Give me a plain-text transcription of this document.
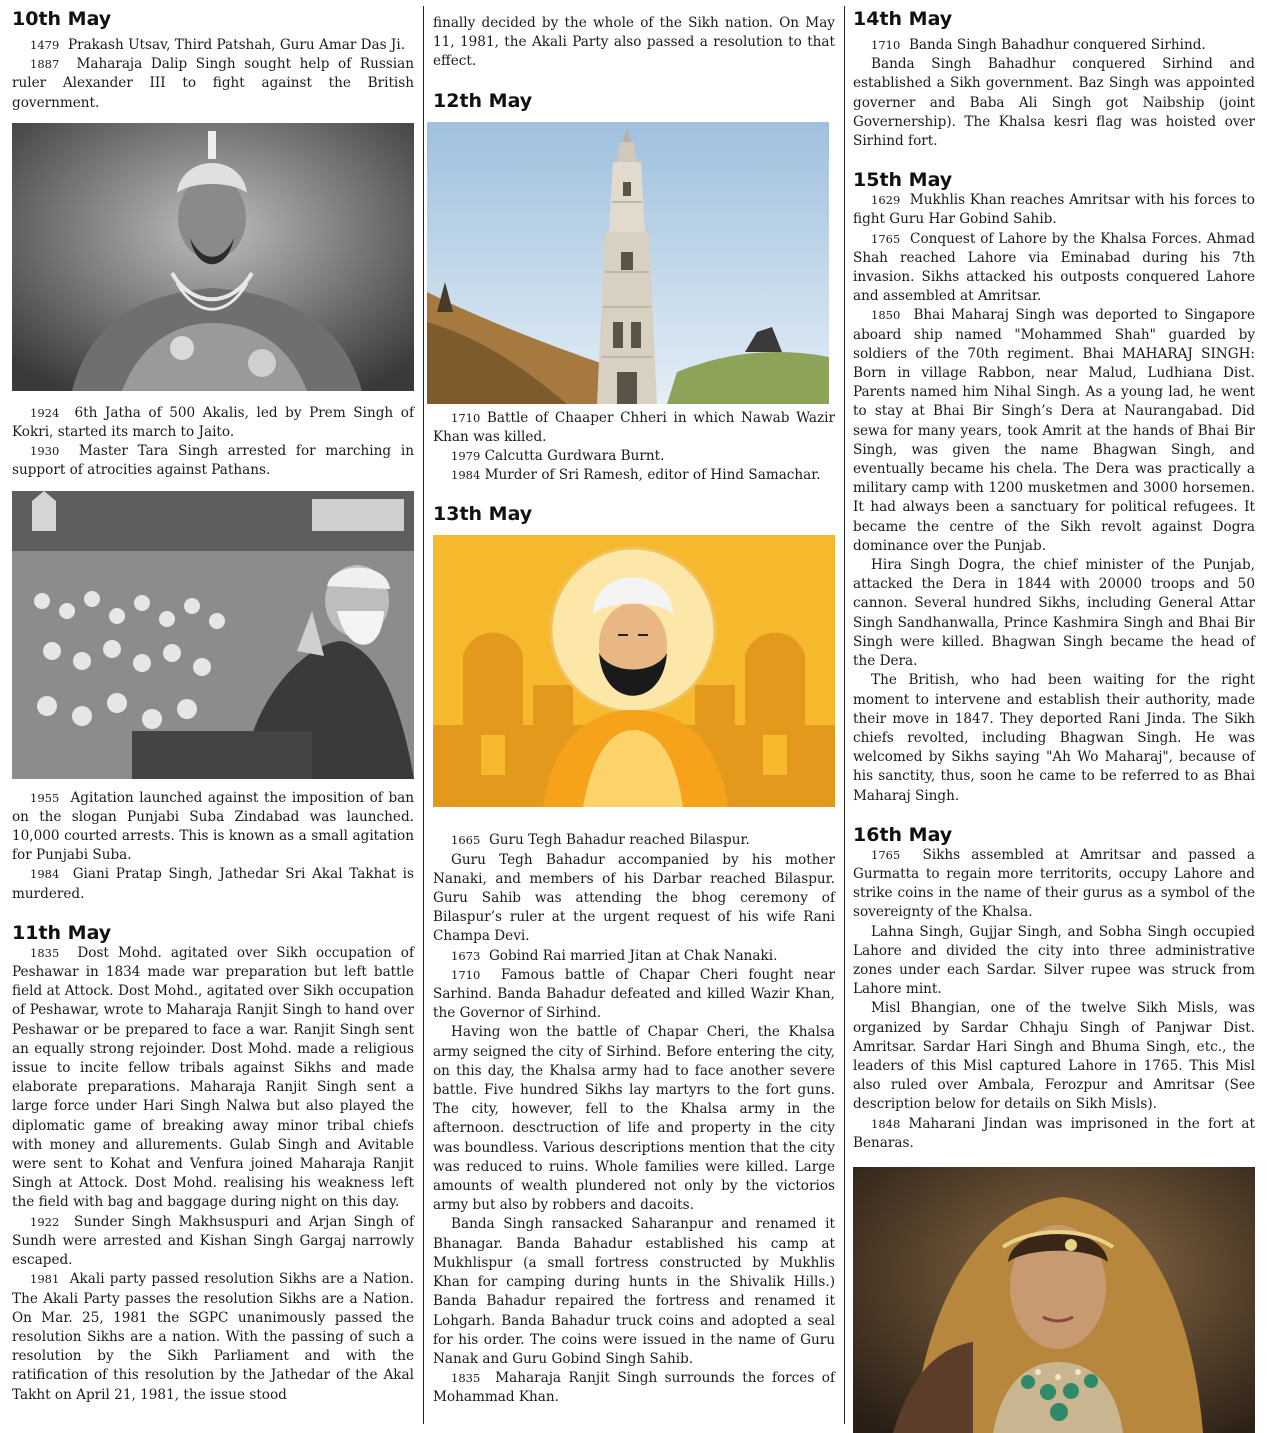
10th May

1479 Prakash Utsav, Third Patshah, Guru Amar Das Ji.

1887 Maharaja Dalip Singh sought help of Russian ruler Alexander III to fight against the British government.

1924 6th Jatha of 500 Akalis, led by Prem Singh of Kokri, started its march to Jaito.

1930 Master Tara Singh arrested for marching in support of atrocities against Pathans.

1955 Agitation launched against the imposition of ban on the slogan Punjabi Suba Zindabad was launched. 10,000 courted arrests. This is known as a small agitation for Punjabi Suba.

1984 Giani Pratap Singh, Jathedar Sri Akal Takhat is murdered.

11th May

1835 Dost Mohd. agitated over Sikh occupation of Peshawar in 1834 made war preparation but left battle field at Attock. Dost Mohd., agitated over Sikh occupation of Peshawar, wrote to Maharaja Ranjit Singh to hand over Peshawar or be prepared to face a war. Ranjit Singh sent an equally strong rejoinder. Dost Mohd. made a religious issue to incite fellow tribals against Sikhs and made elaborate preparations. Maharaja Ranjit Singh sent a large force under Hari Singh Nalwa but also played the diplomatic game of breaking away minor tribal chiefs with money and allurements. Gulab Singh and Avitable were sent to Kohat and Venfura joined Maharaja Ranjit Singh at Attock. Dost Mohd. realising his weakness left the field with bag and baggage during night on this day.

1922 Sunder Singh Makhsuspuri and Arjan Singh of Sundh were arrested and Kishan Singh Gargaj narrowly escaped.

1981 Akali party passed resolution Sikhs are a Nation. The Akali Party passes the resolution Sikhs are a Nation. On Mar. 25, 1981 the SGPC unanimously passed the resolution Sikhs are a nation. With the passing of such a resolution by the Sikh Parliament and with the ratification of this resolution by the Jathedar of the Akal Takht on April 21, 1981, the issue stood

finally decided by the whole of the Sikh nation. On May 11, 1981, the Akali Party also passed a resolution to that effect.

12th May

1710 Battle of Chaaper Chheri in which Nawab Wazir Khan was killed.

1979 Calcutta Gurdwara Burnt.

1984 Murder of Sri Ramesh, editor of Hind Samachar.

13th May

1665 Guru Tegh Bahadur reached Bilaspur.

Guru Tegh Bahadur accompanied by his mother Nanaki, and members of his Darbar reached Bilaspur. Guru Sahib was attending the bhog ceremony of Bilaspur’s ruler at the urgent request of his wife Rani Champa Devi.

1673 Gobind Rai married Jitan at Chak Nanaki.

1710 Famous battle of Chapar Cheri fought near Sarhind. Banda Bahadur defeated and killed Wazir Khan, the Governor of Sirhind.

Having won the battle of Chapar Cheri, the Khalsa army seigned the city of Sirhind. Before entering the city, on this day, the Khalsa army had to face another severe battle. Five hundred Sikhs lay martyrs to the fort guns. The city, however, fell to the Khalsa army in the afternoon. desctruction of life and property in the city was boundless. Various descriptions mention that the city was reduced to ruins. Whole families were killed. Large amounts of wealth plundered not only by the victorios army but also by robbers and dacoits.

Banda Singh ransacked Saharanpur and renamed it Bhanagar. Banda Bahadur established his camp at Mukhlispur (a small fortress constructed by Mukhlis Khan for camping during hunts in the Shivalik Hills.) Banda Bahadur repaired the fortress and renamed it Lohgarh. Banda Bahadur truck coins and adopted a seal for his order. The coins were issued in the name of Guru Nanak and Guru Gobind Singh Sahib.

1835 Maharaja Ranjit Singh surrounds the forces of Mohammad Khan.

14th May

1710 Banda Singh Bahadhur conquered Sirhind.

Banda Singh Bahadhur conquered Sirhind and established a Sikh government. Baz Singh was appointed governer and Baba Ali Singh got Naibship (joint Governership). The Khalsa kesri flag was hoisted over Sirhind fort.

15th May

1629 Mukhlis Khan reaches Amritsar with his forces to fight Guru Har Gobind Sahib.

1765 Conquest of Lahore by the Khalsa Forces. Ahmad Shah reached Lahore via Eminabad during his 7th invasion. Sikhs attacked his outposts conquered Lahore and assembled at Amritsar.

1850 Bhai Maharaj Singh was deported to Singapore aboard ship named "Mohammed Shah" guarded by soldiers of the 70th regiment. Bhai MAHARAJ SINGH: Born in village Rabbon, near Malud, Ludhiana Dist. Parents named him Nihal Singh. As a young lad, he went to stay at Bhai Bir Singh’s Dera at Naurangabad. Did sewa for many years, took Amrit at the hands of Bhai Bir Singh, was given the name Bhagwan Singh, and eventually became his chela. The Dera was practically a military camp with 1200 musketmen and 3000 horsemen. It had always been a sanctuary for political refugees. It became the centre of the Sikh revolt against Dogra dominance over the Punjab.

Hira Singh Dogra, the chief minister of the Punjab, attacked the Dera in 1844 with 20000 troops and 50 cannon. Several hundred Sikhs, including General Attar Singh Sandhanwalla, Prince Kashmira Singh and Bhai Bir Singh were killed. Bhagwan Singh became the head of the Dera.

The British, who had been waiting for the right moment to intervene and establish their authority, made their move in 1847. They deported Rani Jinda. The Sikh chiefs revolted, including Bhagwan Singh. He was welcomed by Sikhs saying "Ah Wo Maharaj", because of his sanctity, thus, soon he came to be referred to as Bhai Maharaj Singh.

16th May

1765 Sikhs assembled at Amritsar and passed a Gurmatta to regain more territorits, occupy Lahore and strike coins in the name of their gurus as a symbol of the sovereignty of the Khalsa.

Lahna Singh, Gujjar Singh, and Sobha Singh occupied Lahore and divided the city into three administrative zones under each Sardar. Silver rupee was struck from Lahore mint.

Misl Bhangian, one of the twelve Sikh Misls, was organized by Sardar Chhaju Singh of Panjwar Dist. Amritsar. Sardar Hari Singh and Bhuma Singh, etc., the leaders of this Misl captured Lahore in 1765. This Misl also ruled over Ambala, Ferozpur and Amritsar (See description below for details on Sikh Misls).

1848 Maharani Jindan was imprisoned in the fort at Benaras.
